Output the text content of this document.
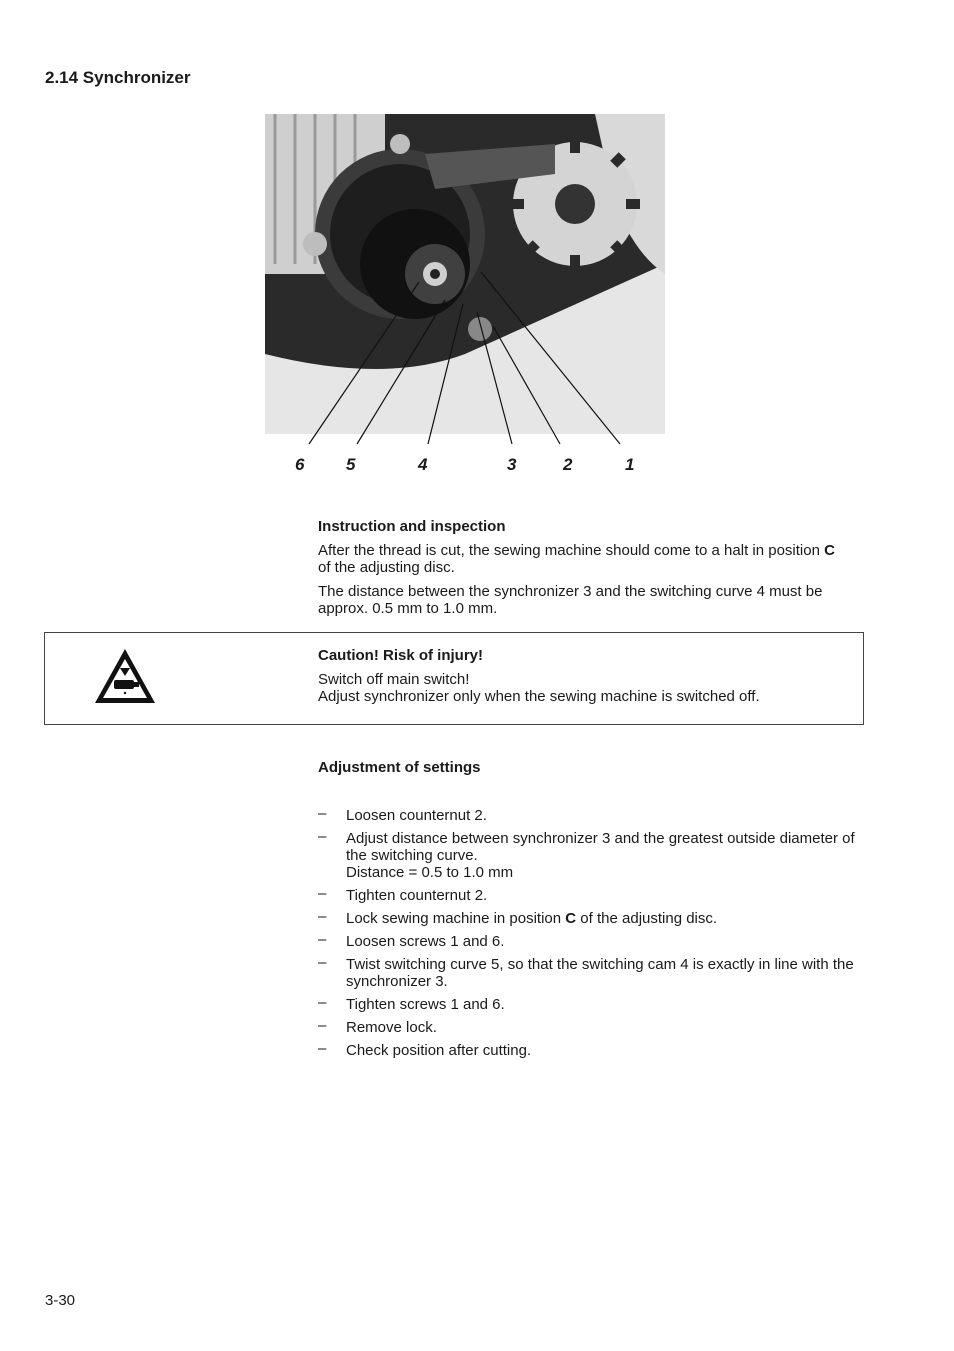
2.14 Synchronizer
6 5	4	3	2	1

Instruction and inspection

After the thread is cut, the sewing machine should come to a halt in position C of the adjusting disc.

The distance between the synchronizer 3 and the switching curve 4 must be approx. 0.5 mm to 1.0 mm.

Caution! Risk of injury!

Switch off main switch!

Adjust synchronizer only when the sewing machine is switched off.

Adjustment of settings

– Loosen counternut 2.
– Adjust distance between synchronizer 3 and the greatest outside diameter of the switching curve.
Distance = 0.5 to 1.0 mm
– Tighten counternut 2.
– Lock sewing machine in position C of the adjusting disc.
– Loosen screws 1 and 6.
– Twist switching curve 5, so that the switching cam 4 is exactly in line with the synchronizer 3.
– Tighten screws 1 and 6.
– Remove lock.
– Check position after cutting.
3-30
